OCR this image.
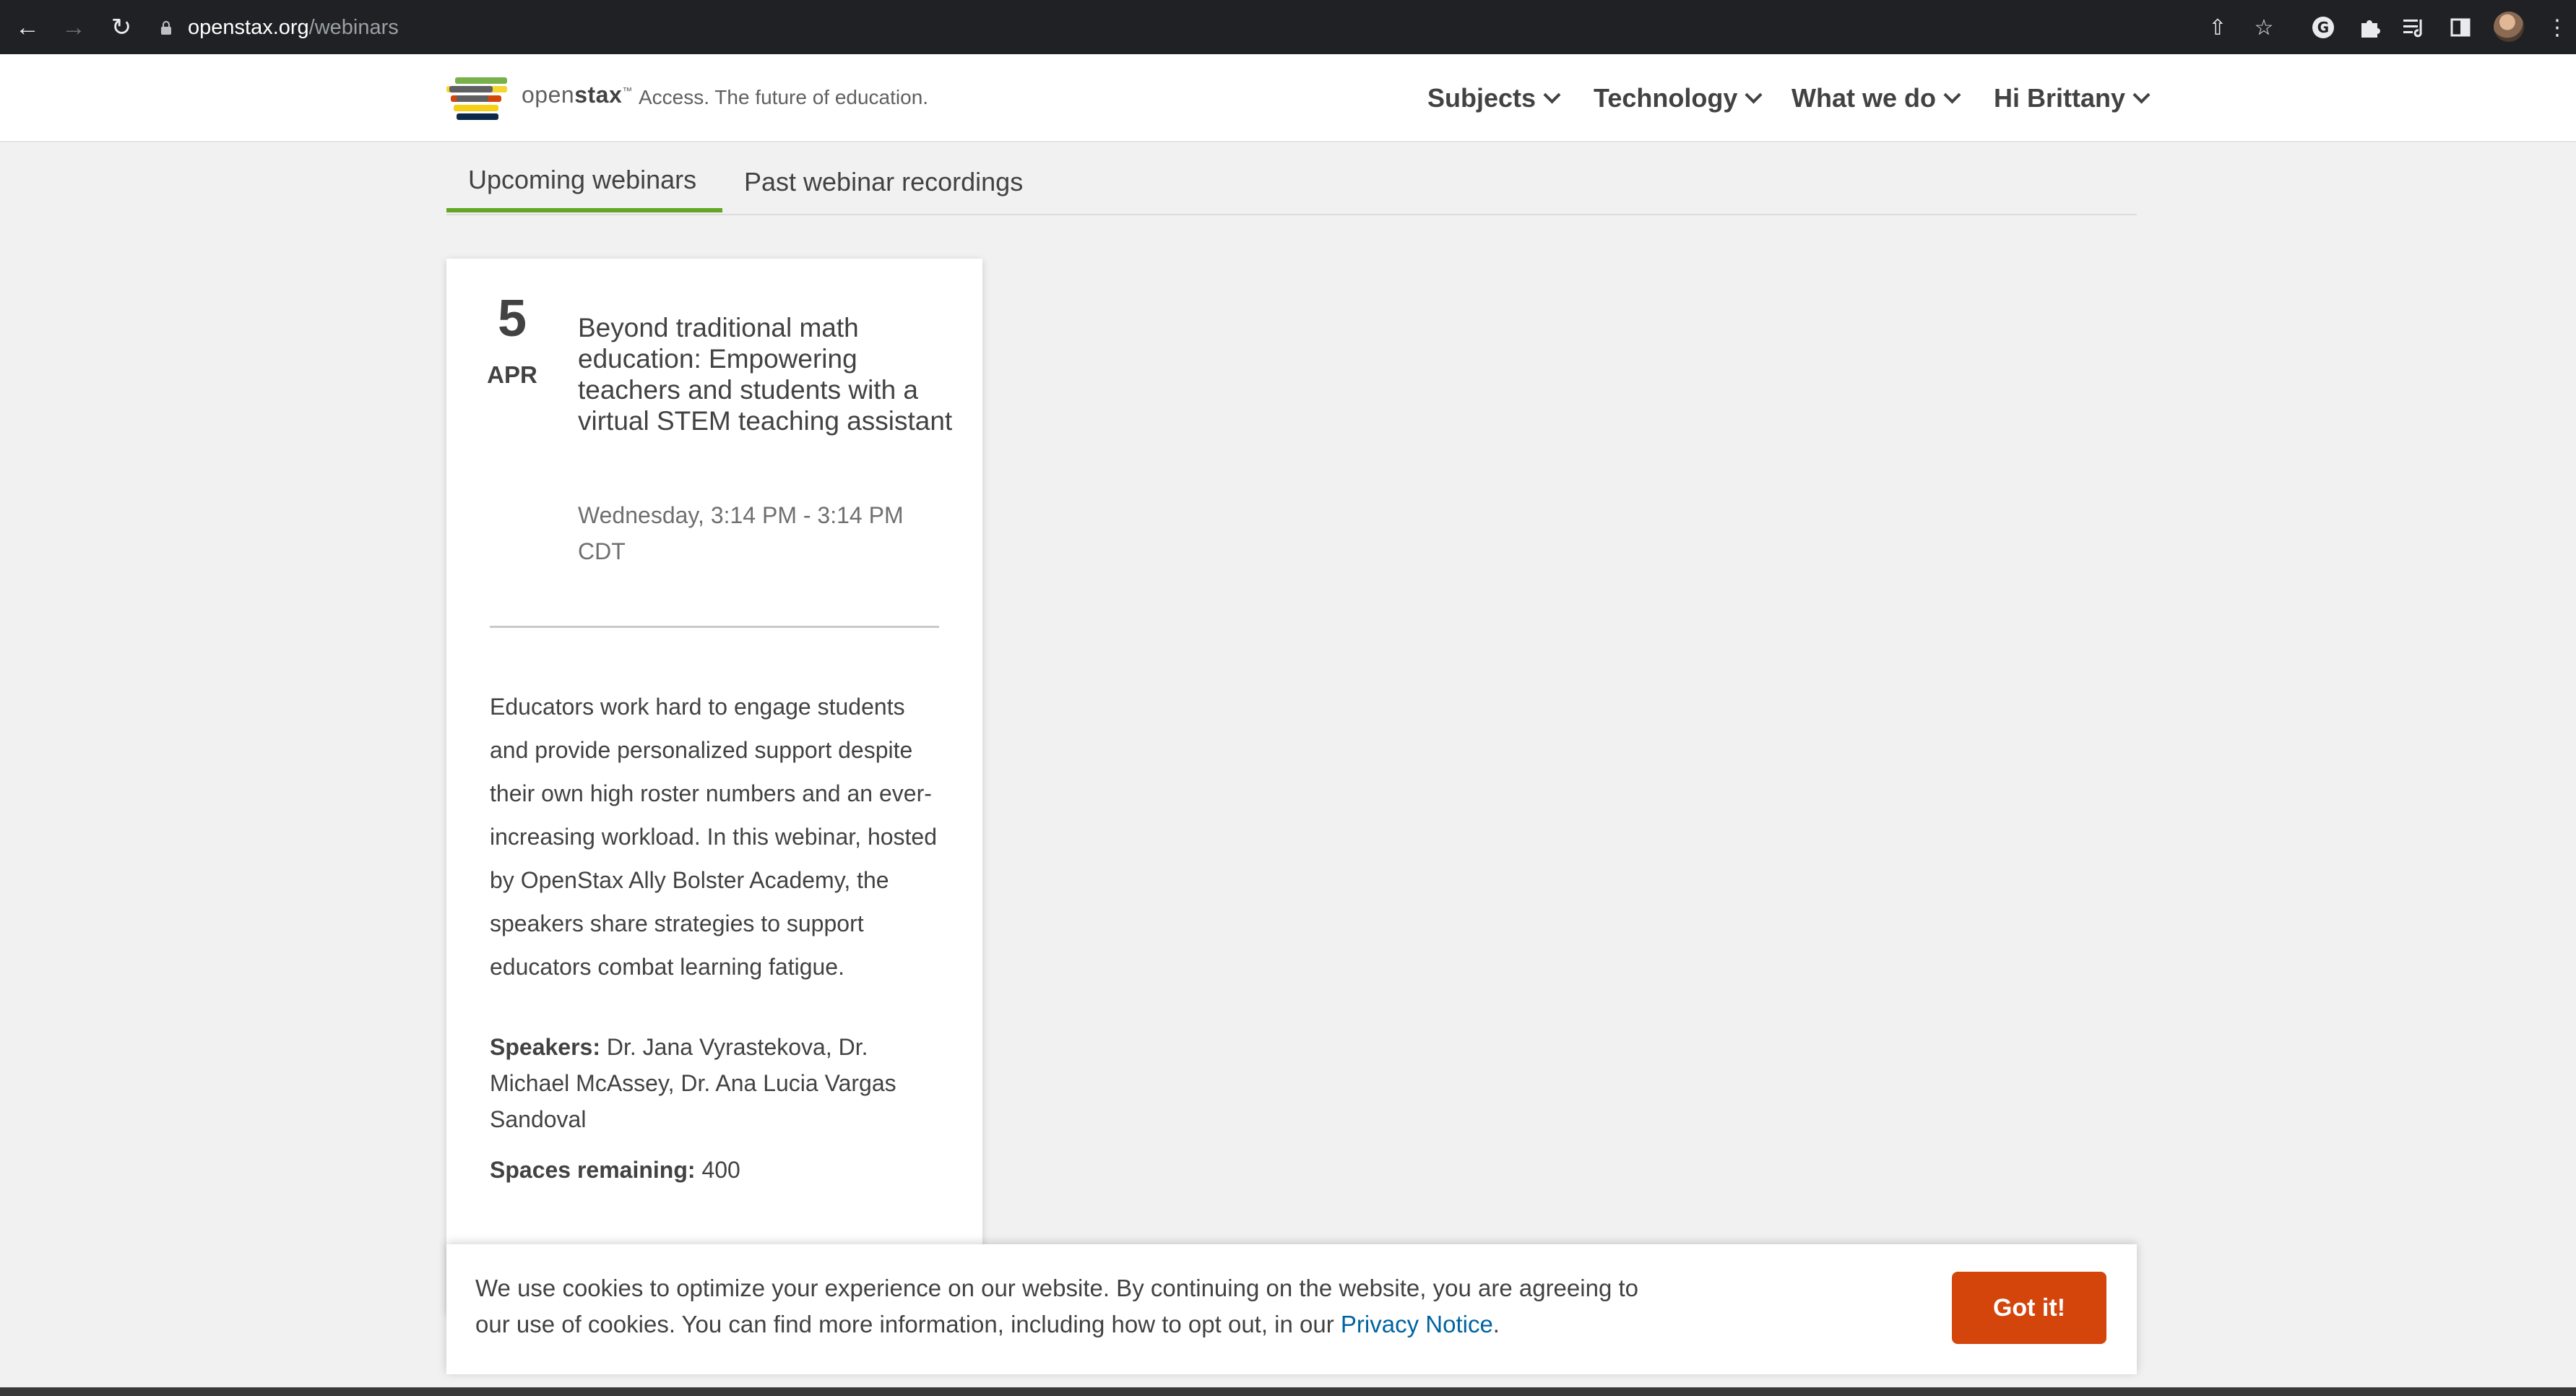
← → ↻	openstax.org /webinars	⇧	☆	G	⋮
openstax™ Access. The future of education.	Subjects Technology What we do Hi Brittany
Upcoming webinars	Past webinar recordings
5
APR
Beyond traditional math education: Empowering teachers and students with a virtual STEM teaching assistant
Wednesday, 3:14 PM - 3:14 PM CDT
Educators work hard to engage students and provide personalized support despite their own high roster numbers and an ever-increasing workload. In this webinar, hosted by OpenStax Ally Bolster Academy, the speakers share strategies to support educators combat learning fatigue.
Speakers: Dr. Jana Vyrastekova, Dr. Michael McAssey, Dr. Ana Lucia Vargas Sandoval
Spaces remaining: 400
We use cookies to optimize your experience on our website. By continuing on the website, you are agreeing to our use of cookies. You can find more information, including how to opt out, in our Privacy Notice.
Got it!
